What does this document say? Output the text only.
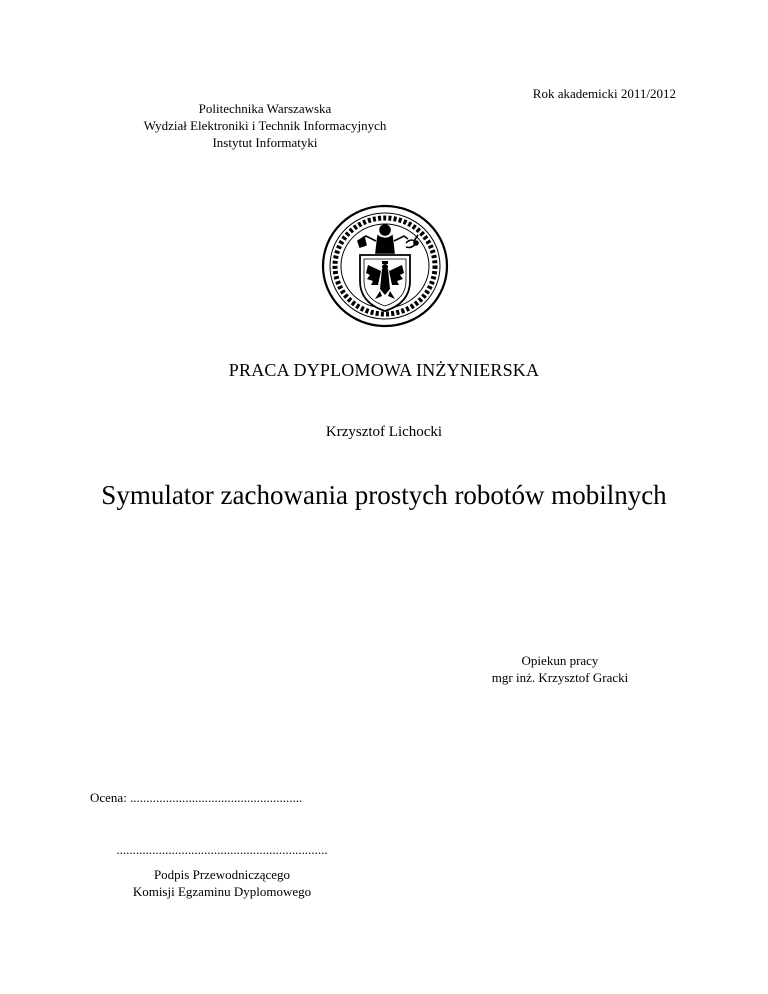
Rok akademicki 2011/2012
Politechnika Warszawska
Wydział Elektroniki i Technik Informacyjnych
Instytut Informatyki
PRACA DYPLOMOWA INŻYNIERSKA
Krzysztof Lichocki
Symulator zachowania prostych robotów mobilnych
Opiekun pracy
mgr inż. Krzysztof Gracki
Ocena: .....................................................
.................................................................
Podpis Przewodniczącego
Komisji Egzaminu Dyplomowego
